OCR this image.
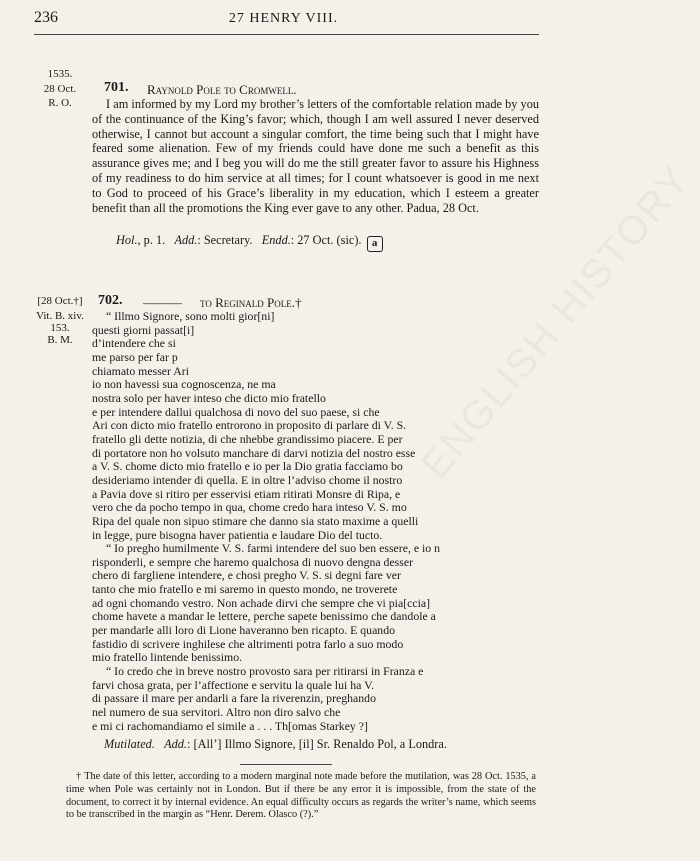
236	27 HENRY VIII.
ENGLISH HISTORY
1535.
28 Oct.
R. O.
701. Raynold Pole to Cromwell.

I am informed by my Lord my brother’s letters of the comfortable relation made by you of the continuance of the King’s favor; which, though I am well assured I never deserved otherwise, I cannot but account a singular comfort, the time being such that I might have feared some alienation. Few of my friends could have done me such a benefit as this assurance gives me; and I beg you will do me the still greater favor to assure his Highness of my readiness to do him service at all times; for I count whatsoever is good in me next to God to proceed of his Grace’s liberality in my education, which I esteem a greater benefit than all the promotions the King ever gave to any other. Padua, 28 Oct.

Hol., p. 1. Add.: Secretary. Endd.: 27 Oct. (sic). a
[28 Oct.†]
Vit. B. xiv.
153.
B. M.
702. ——— to Reginald Pole.†
“ Illmo Signore, sono molti gior[ni]
questi giorni passat[i]
d’intendere che si
me parso per far p
chiamato messer Ari
io non havessi sua cognoscenza, ne ma
nostra solo per haver inteso che dicto mio fratello
e per intendere dallui qualchosa di novo del suo paese, si che
Ari con dicto mio fratello entrorono in proposito di parlare di V. S.
fratello gli dette notizia, di che nhebbe grandissimo piacere. E per
di portatore non ho volsuto manchare di darvi notizia del nostro esse
a V. S. chome dicto mio fratello e io per la Dio gratia facciamo bo
desideriamo intender di quella. E in oltre l’adviso chome il nostro
a Pavia dove si ritiro per esservisi etiam ritirati Monsre di Ripa, e
vero che da pocho tempo in qua, chome credo hara inteso V. S. mo
Ripa del quale non sipuo stimare che danno sia stato maxime a quelli
in legge, pure bisogna haver patientia e laudare Dio del tucto.
“ Io pregho humilmente V. S. farmi intendere del suo ben essere, e io n
risponderli, e sempre che haremo qualchosa di nuovo dengna desser
chero di fargliene intendere, e chosi pregho V. S. si degni fare ver
tanto che mio fratello e mi saremo in questo mondo, ne troverete
ad ogni chomando vestro. Non achade dirvi che sempre che vi pia[ccia]
chome havete a mandar le lettere, perche sapete benissimo che dandole a
per mandarle alli loro di Lione haveranno ben ricapto. E quando
fastidio di scrivere inghilese che altrimenti potra farlo a suo modo
mio fratello lintende benissimo.
“ Io credo che in breve nostro provosto sara per ritirarsi in Franza e
farvi chosa grata, per l’affectione e servitu la quale lui ha V.
di passare il mare per andarli a fare la riverenzin, preghando
nel numero de sua servitori. Altro non diro salvo che
e mi ci rachomandiamo el simile a . . . Th[omas Starkey ?]
Mutilated. Add.: [All’] Illmo Signore, [il] Sr. Renaldo Pol, a Londra.

† The date of this letter, according to a modern marginal note made before the mutilation, was 28 Oct. 1535, a time when Pole was certainly not in London. But if there be any error it is impossible, from the state of the document, to correct it by internal evidence. An equal difficulty occurs as regards the writer’s name, which seems to be transcribed in the margin as “Henr. Derem. Olasco (?).”
